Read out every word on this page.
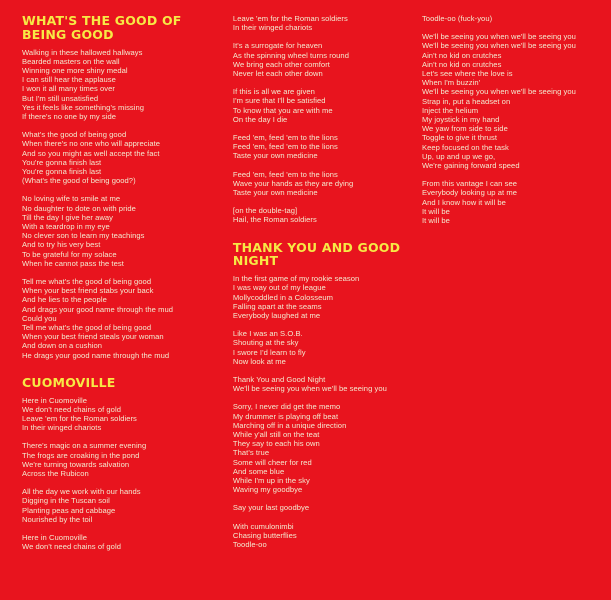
WHAT'S THE GOOD OF BEING GOOD
Walking in these hallowed hallways
Bearded masters on the wall
Winning one more shiny medal
I can still hear the applause
I won it all many times over
But I'm still unsatisfied
Yes it feels like something's missing
If there's no one by my side
What's the good of being good
When there's no one who will appreciate
And so you might as well accept the fact
You're gonna finish last
You're gonna finish last
(What's the good of being good?)
No loving wife to smile at me
No daughter to dote on with pride
Till the day I give her away
With a teardrop in my eye
No clever son to learn my teachings
And to try his very best
To be grateful for my solace
When he cannot pass the test
Tell me what's the good of being good
When your best friend stabs your back
And he lies to the people
And drags your good name through the mud
Could you
Tell me what's the good of being good
When your best friend steals your woman
And down on a cushion
He drags your good name through the mud
CUOMOVILLE
Here in Cuomoville
We don't need chains of gold
Leave 'em for the Roman soldiers
In their winged chariots
There's magic on a summer evening
The frogs are croaking in the pond
We're turning towards salvation
Across the Rubicon
All the day we work with our hands
Digging in the Tuscan soil
Planting peas and cabbage
Nourished by the toil
Here in Cuomoville
We don't need chains of gold
Leave 'em for the Roman soldiers
In their winged chariots
It's a surrogate for heaven
As the spinning wheel turns round
We bring each other comfort
Never let each other down
If this is all we are given
I'm sure that I'll be satisfied
To know that you are with me
On the day I die
Feed 'em, feed 'em to the lions
Feed 'em, feed 'em to the lions
Taste your own medicine
Feed 'em, feed 'em to the lions
Wave your hands as they are dying
Taste your own medicine
[on the double-tag]
Hail, the Roman soldiers
THANK YOU AND GOOD NIGHT
In the first game of my rookie season
I was way out of my league
Mollycoddled in a Colosseum
Falling apart at the seams
Everybody laughed at me
Like I was an S.O.B.
Shouting at the sky
I swore I'd learn to fly
Now look at me
Thank You and Good Night
We'll be seeing you when we'll be seeing you
Sorry, I never did get the memo
My drummer is playing off beat
Marching off in a unique direction
While y'all still on the teat
They say to each his own
That's true
Some will cheer for red
And some blue
While I'm up in the sky
Waving my goodbye
Say your last goodbye
With cumulonimbi
Chasing butterflies
Toodle-oo
Toodle-oo (fuck-you)
We'll be seeing you when we'll be seeing you
We'll be seeing you when we'll be seeing you
Ain't no kid on crutches
Ain't no kid on crutches
Let's see where the love is
When I'm buzzin'
We'll be seeing you when we'll be seeing you
Strap in, put a headset on
Inject the helium
My joystick in my hand
We yaw from side to side
Toggle to give it thrust
Keep focused on the task
Up, up and up we go,
We're gaining forward speed
From this vantage I can see
Everybody looking up at me
And I know how it will be
It will be
It will be
